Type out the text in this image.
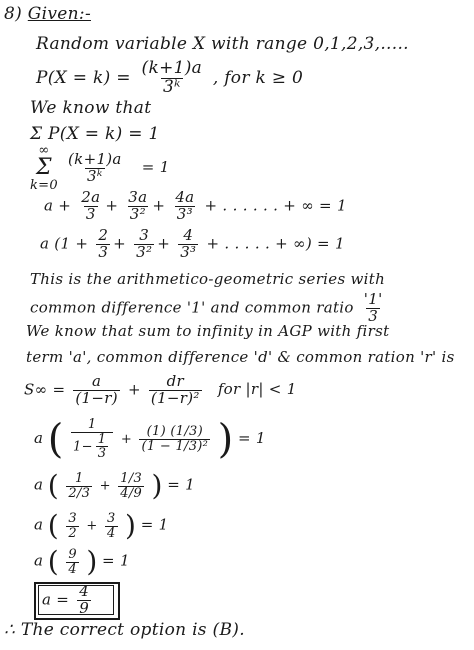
8) Given:-
Random variable X with range 0,1,2,3,.....
$P(X = k) = \frac{(k+1)a}{\text{3ᵏ}}$ , for k ≥ 0
We know that
Σ P(X = k) = 1
∞
Σ
k=0

$\frac{(k+1)a}{\text{3ᵏ}} = 1$
$a + \frac{2a}{3} + \frac{3a}{\text{3²}} + \frac{4a}{\text{3³}}$ + . . . . . . + ∞ = 1
a ($1 + \frac{2}{3} + \frac{3}{\text{3²}} + \frac{4}{\text{3³}}$ + . . . . . + ∞) = 1
This is the arithmetico-geometric series with
common difference '1' and common ratio $\frac{'1'}{3}$
We know that sum to infinity in AGP with first
term 'a', common difference 'd' & common ration 'r' is
$S\infty = \frac{a}{(1-r)} + \frac{dr}{\text{(1−r)²}}$ for |r| < 1
a ( $\frac{1}{1- \frac{1}{3}} + \frac{(1) (1/3)}{\text{(1 − 1/3)²}}$ ) = 1
a ( $\frac{1}{2/3} + \frac{1/3}{4/9}$ ) = 1
a ( $\frac{3}{2} + \frac{3}{4}$ ) = 1
a ( $\frac{9}{4}$ ) = 1
$a = \frac{4}{9}$
∴ The correct option is (B).
